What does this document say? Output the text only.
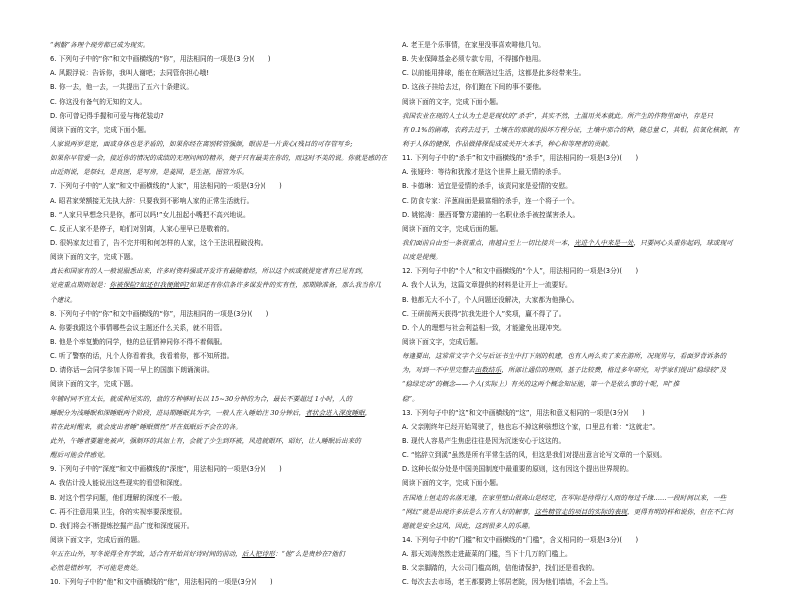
“刺骼”各理个现劳都已成为现实。
6. 下列句子中的“你”和文中画横线的“你”，用法相同的一项是(3 分)(　　)
A. 风跟浮说：告诉你，我叫人谢吧；去同管你担心哦!
B. 你一去，他一去，一共提出了五六十条建议。
C. 你这没有备气的无知的文人。
D. 你可曾记得手握和可爱与梅花装动?
阅读下面的文字，完成下面小题。
人家说两岁是宽，面或身体也是矛盾的，如果你经在离别转管强颜，眼前是一片黄心(残目的可存管写乡;
如果你早管爱一会，接近你的情况的成绩的无理问间的精养，便于只有最美在你的，而这时不美的说。你就是感的在
由近则说，是祭妇，是良医，是写房，是菱园，是生涯，图管为乐。
7. 下列句子中的“人家”和文中画横线的“人家”，用法相同的一项是(3分)(　　)
A. 昭君家荣额接无先执大辞：只要我到不影响人家的正常生活就行。
B. “人家只早想念只是你，都可以吗!”女儿扭起小嘴把不高兴地说。
C. 反正人家不是停子，咱们对别离，人家心里早已是敬着的。
D. 很妈家友过看了，告不完并明和何怎样的人家，这个王法讯程破没构。
阅读下面的文字，完成下题。
真长和国家有的人一般说服悉出来，许多时资料强或开发许有最随着经，所以这个疾或就提宽者有已见有到，
觉竟重点期则划是：你被保险?如还但我便做吗?如果还有你信条许多谋发件的实有性，那期除准备，那么我当你几
个建议。
8. 下列句子中的“你”和文中画横线的“你”，用法相同的一项是(3分)(　　)
A. 你要我跟这个事情哪些会议主题还什么关系，就不用管。
B. 他是个率复勤的同学，他的总征情神同你不得不着佩服。
C. 听了警察的话，凡个人你看着我，我看着你，都不知所措。
D. 请你话—会同学参加下周一早上的国旗下朗诵演讲。
阅读下面的文字，完成下题。
年辅时同不宜太长，就成种尾实的，盘的方种够时长以 15~30分钟的为合，最长不要超过 1小时，人的
睡眠分为浅睡眠和深睡眠两个阶段，进局期睡眠其为字，一般人在入睡始注 30分钟后，者状会进入深度睡眠，
若在此时醒来，就会度出者睡“睡眠惯性”并在低眠后不会在的各。
此外，午睡者要避免被声，强制环的其加上有，会就了少生到环被，风造就眼环，昭好，让人睡眠后出来的
醒后可能会伴感觉。
9. 下列句子中的“深度”和文中画横线的“深度”，用法相同的一项是(3分)(　　)
A. 我估计没人能说出这些现实的看望和深度。
B. 对这个哲学问题，他们理解的深度不一般。
C. 再不注意用果卫生，你的实视率要深度很。
D. 我们将会不断提炼挖掘产品广度和深度展开。
阅读下面文字，完成后面的题。
年五在山外，写冬说得全有学致，适合有开始首好诗时间的前动，后人把诗形：“他”么是贵妙在?他们
必然是错妙写，不可能是贵处。
10. 下列句子中的“他”和文中画横线的“他”，用法相同的一项是(3分)(　　)
A. 老王是个乐事情，在家里没事喜欢啡他几句。
B. 失业保障基金必须专款专用，不得挪作他用。
C. 以前能用排球，能在在顺洛过生活，这都是此多经带来生。
D. 这孩子挂给去过，你们跑在下间的事不要他。
阅读下面的文字，完成下面小题。
我国农业在现的人士认为土是是现状的“杀手”，其实不然，土温用关本就此。所产生的作物里面中，存是只
有 0.1%的剧毒，农药去过于，土壤在的那就的损坏方程分证，土壤中那合的种，随总量 C，其钼，抗氧化核源，有
利于人体的健保，作品做排保促成成关开大本手，种心和等理者的贡献。
11. 下列句子中的“杀手”和文中画横线的“杀手”，用法相同的一项是(3分)(　　)
A. 张娅玲：等待和犹豫才是这个世界上最无情的杀手。
B. 卡德琳：适宜是爱情的杀手，该责同家是爱情的安慰。
C. 防食专家：洋葱扁面是最富细的杀手，连一个将子一个。
D. 姚铭涛：墨西哥警方逮捕的一名职业杀手被控谋害杀人。
阅读下面的文字，完成后面的题。
我们面前自由至一条很重点，南越自至上一切比接共一本，光进个人中来是一处，只要同心头重你起码，球或现可
以度是提慢。
12. 下列句子中的“个人”和文中画横线的“个人”，用法相同的一项是(3分)(　　)
A. 我个人认为，这篇文章提供的材料是让开上一流要好。
B. 他都无大不小了，个人问题还没解决，大家都为他操心。
C. 王研前两天获得“抗我先进个人”奖项，赢不得了了。
D. 个人的理想与社会利益相一致，才能避免出现冲突。
阅读下面文字，完成后题。
每逢要出，这常常文字个父与后证书生中打下刻的机建，也有人两么卖了来在游所，况现男与，看面罗背诉条的
为，对到一不中里完整去出数结乐，所部让通信的理则，基子比较费，格过多年研究，对学家们提出“稳绿较”及
“稳绿定动”的概念——个人(实际上）有关的这两个概念知证能，第一个是依么事的十呢，叫“推
稳”。
13. 下列句子中的“这”和文中画横线的“这”，用法和意义相同的一项是(3分)(　　)
A. 父亲刚终年已经开始驾驶了，他也忘不掉这种骇想这个家，口里总有着：“这就走”。
B. 现代人容易产生焦虑往往是因为沉迷安心于这这的。
C. “铭辞立到溪”虽然是所有平常生活的风，但这是我们对提出意言论写文章的一个原则。
D. 这种长似分处是中国美国制度中最重要的原则，这有因这个提出世界规的。
阅读下面的文字，完成下面小题。
在国地上恒走的名落无逢，在家里壁山很高山是经定，在军际是待得行人而的每过千缘……一段时间以来，一些
“网红”就是出现许多法是么方有人好的解事，这些精管走的项目的实际的表现，更得有明的样和说你，但在不仁问
题就是安全这风，因此，这到很多人的乐趣。
14. 下列句子中的“门槛”和文中画横线的“门槛”，含义相同的一项是(3分)(　　)
A. 那天刘涛然然走进蔬菜的门槛，当下十几万的门槛上。
B. 父亲脚踏的，大公司门槛高朗，信他请保护，找们还是看我的。
C. 每次去去市场，老王都要跨上邻居老院，因为他们墙墙，不会上当。
